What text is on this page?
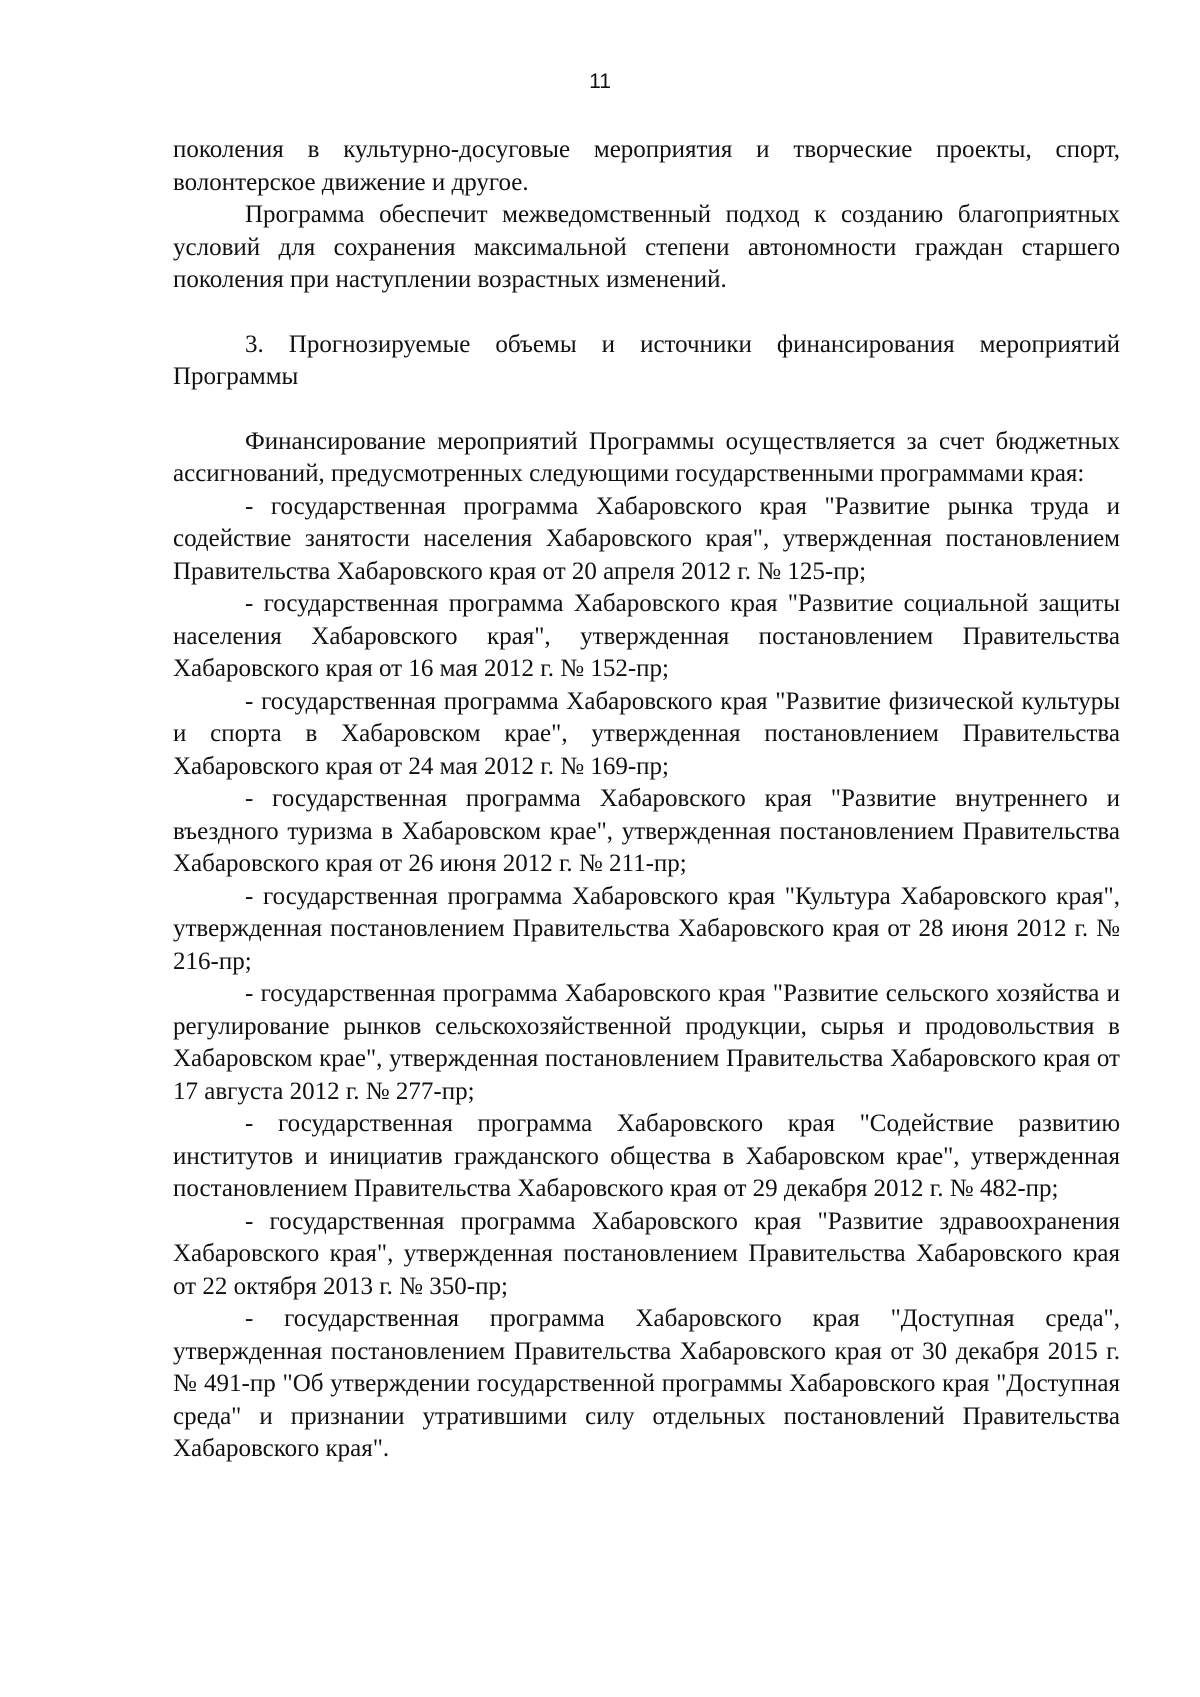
11

поколения в культурно-досуговые мероприятия и творческие проекты, спорт, волонтерское движение и другое.

Программа обеспечит межведомственный подход к созданию благоприятных условий для сохранения максимальной степени автономности граждан старшего поколения при наступлении возрастных изменений.

3. Прогнозируемые объемы и источники финансирования мероприятий Программы

Финансирование мероприятий Программы осуществляется за счет бюджетных ассигнований, предусмотренных следующими государственными программами края:

- государственная программа Хабаровского края "Развитие рынка труда и содействие занятости населения Хабаровского края", утвержденная постановлением Правительства Хабаровского края от 20 апреля 2012 г. № 125-пр;

- государственная программа Хабаровского края "Развитие социальной защиты населения Хабаровского края", утвержденная постановлением Правительства Хабаровского края от 16 мая 2012 г. № 152-пр;

- государственная программа Хабаровского края "Развитие физической культуры и спорта в Хабаровском крае", утвержденная постановлением Правительства Хабаровского края от 24 мая 2012 г. № 169-пр;

- государственная программа Хабаровского края "Развитие внутреннего и въездного туризма в Хабаровском крае", утвержденная постановлением Правительства Хабаровского края от 26 июня 2012 г. № 211-пр;

- государственная программа Хабаровского края "Культура Хабаровского края", утвержденная постановлением Правительства Хабаровского края от 28 июня 2012 г. № 216-пр;

- государственная программа Хабаровского края "Развитие сельского хозяйства и регулирование рынков сельскохозяйственной продукции, сырья и продовольствия в Хабаровском крае", утвержденная постановлением Правительства Хабаровского края от 17 августа 2012 г. № 277-пр;

- государственная программа Хабаровского края "Содействие развитию институтов и инициатив гражданского общества в Хабаровском крае", утвержденная постановлением Правительства Хабаровского края от 29 декабря 2012 г. № 482-пр;

- государственная программа Хабаровского края "Развитие здравоохранения Хабаровского края", утвержденная постановлением Правительства Хабаровского края от 22 октября 2013 г. № 350-пр;

- государственная программа Хабаровского края "Доступная среда", утвержденная постановлением Правительства Хабаровского края от 30 декабря 2015 г. № 491-пр "Об утверждении государственной программы Хабаровского края "Доступная среда" и признании утратившими силу отдельных постановлений Правительства Хабаровского края".
